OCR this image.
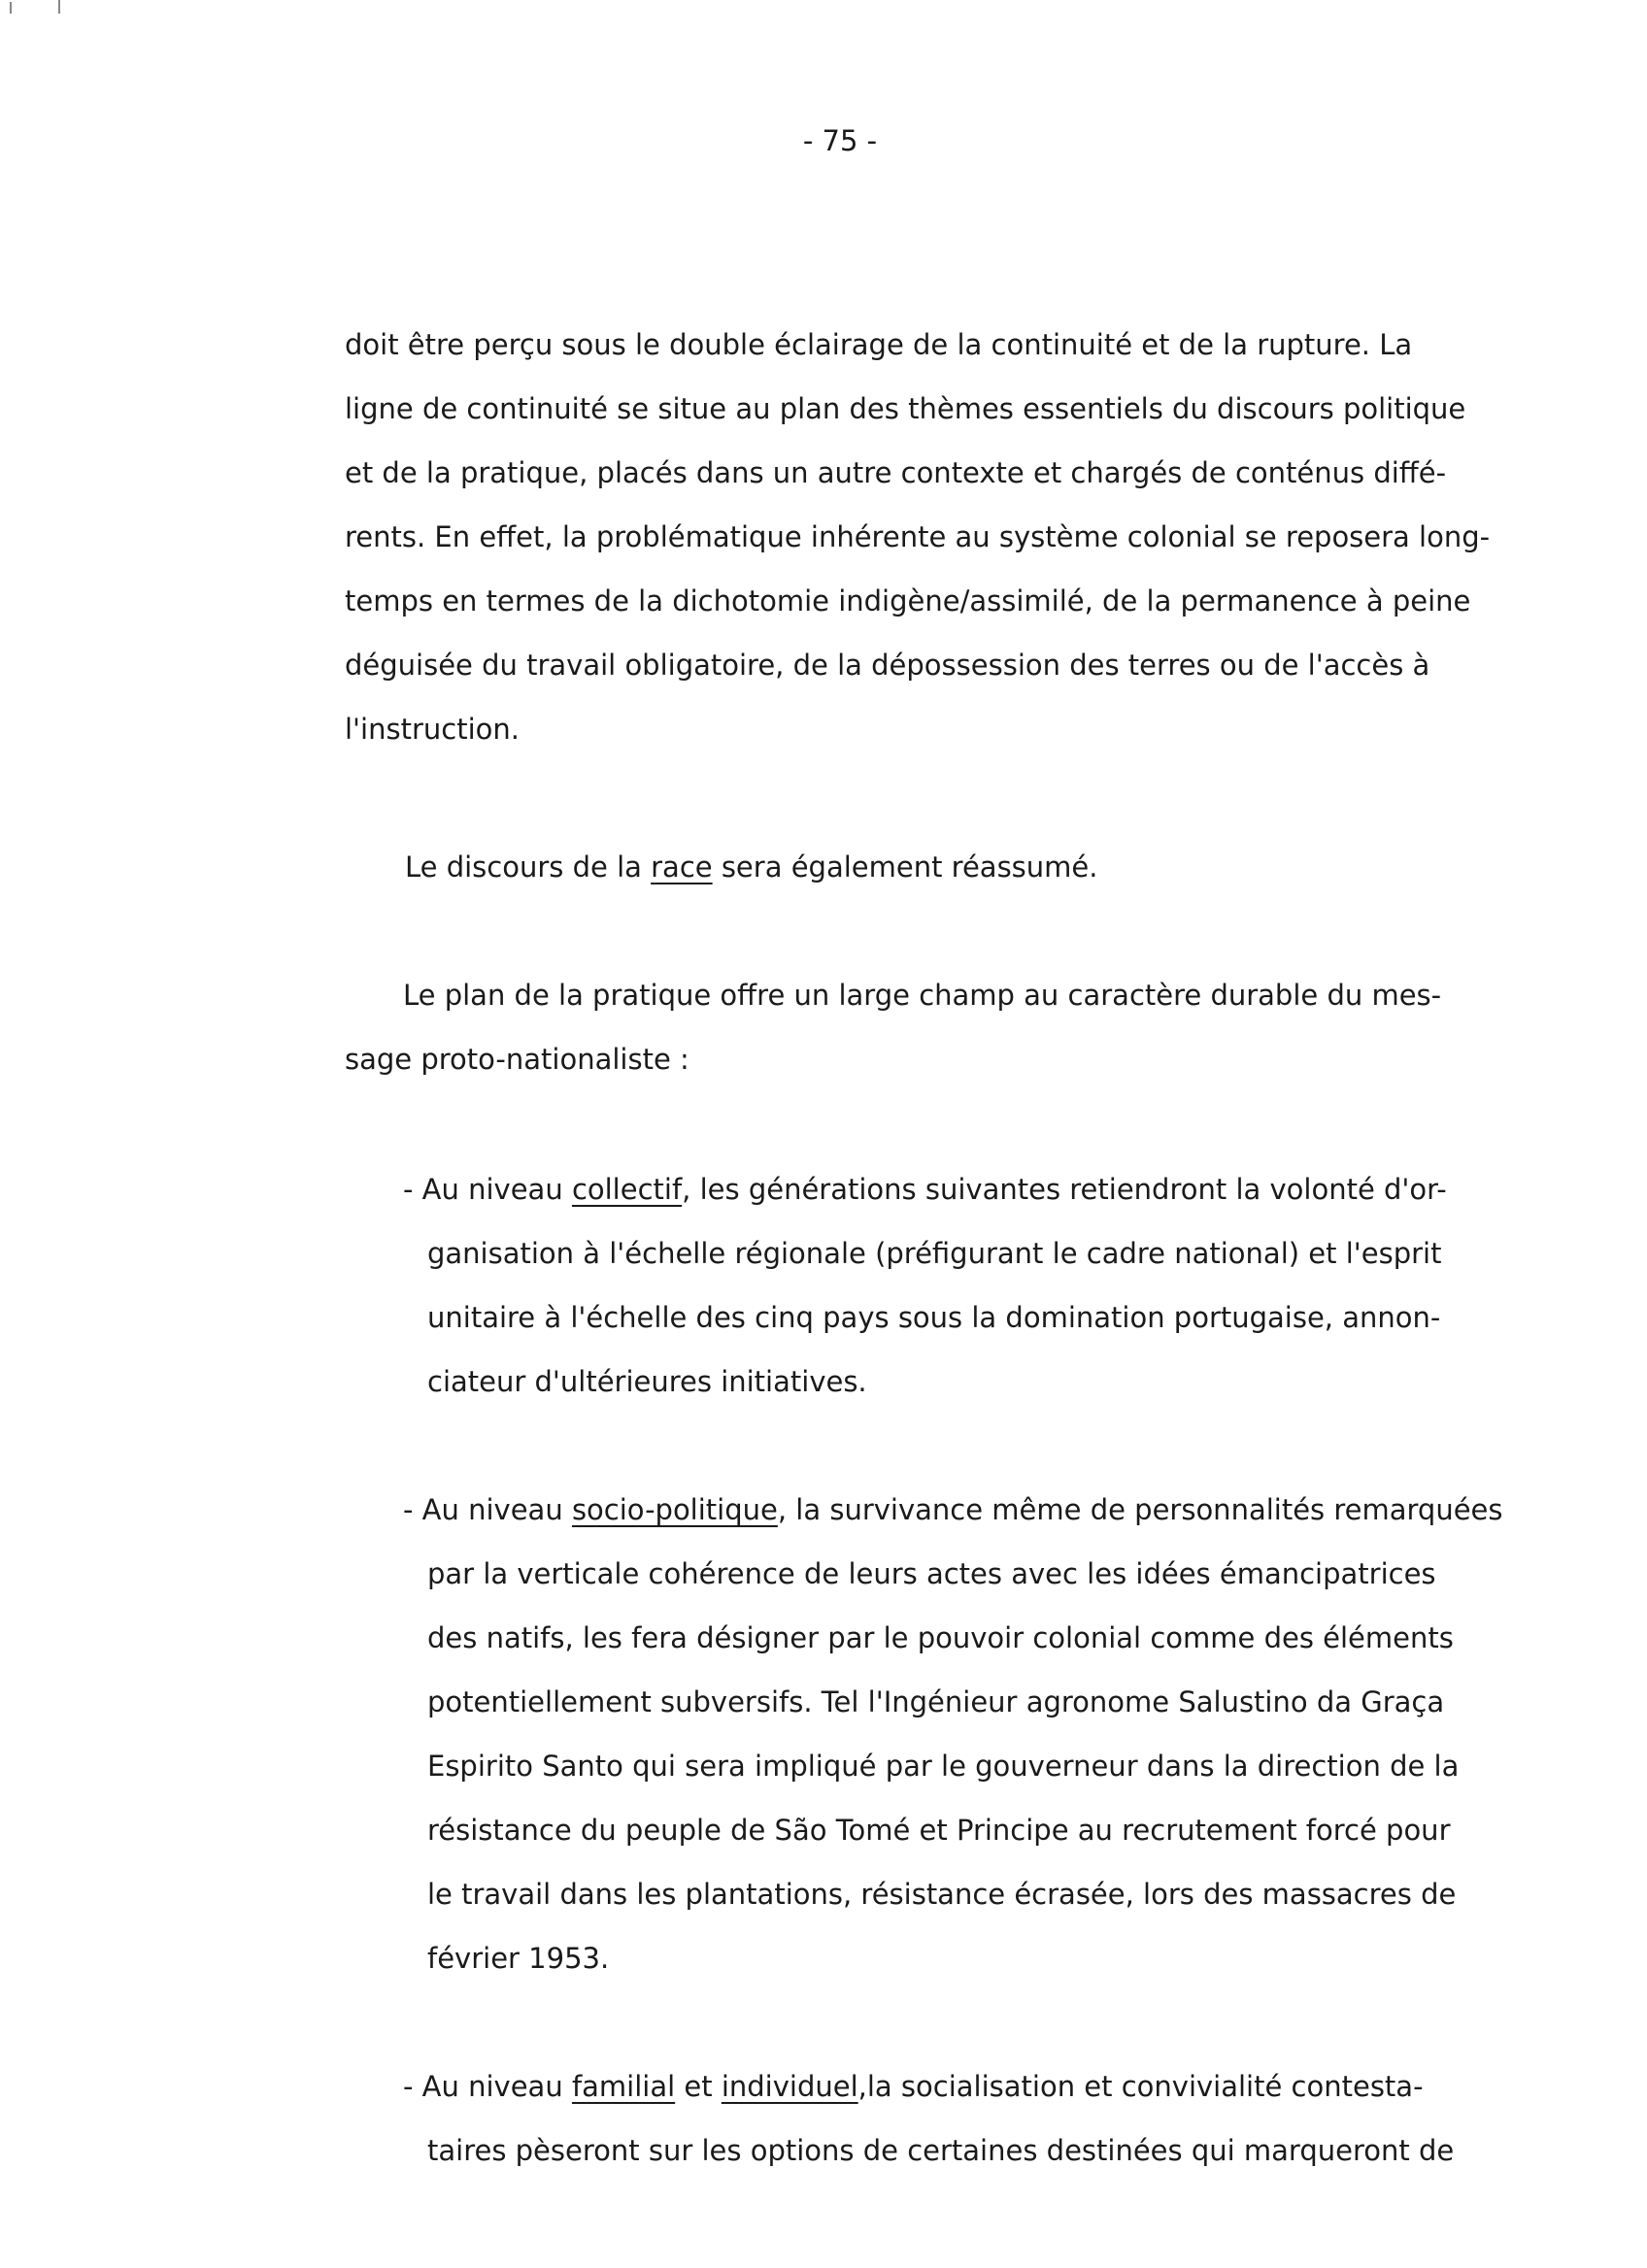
- 75 -
doit être perçu sous le double éclairage de la continuité et de la rupture. La
ligne de continuité se situe au plan des thèmes essentiels du discours politique
et de la pratique, placés dans un autre contexte et chargés de conténus diffé-
rents. En effet, la problématique inhérente au système colonial se reposera long-
temps en termes de la dichotomie indigène/assimilé, de la permanence à peine
déguisée du travail obligatoire, de la dépossession des terres ou de l'accès à
l'instruction.
Le discours de la race sera également réassumé.
Le plan de la pratique offre un large champ au caractère durable du mes-
sage proto-nationaliste :
- Au niveau collectif, les générations suivantes retiendront la volonté d'or-
ganisation à l'échelle régionale (préfigurant le cadre national) et l'esprit
unitaire à l'échelle des cinq pays sous la domination portugaise, annon-
ciateur d'ultérieures initiatives.
- Au niveau socio-politique, la survivance même de personnalités remarquées
par la verticale cohérence de leurs actes avec les idées émancipatrices
des natifs, les fera désigner par le pouvoir colonial comme des éléments
potentiellement subversifs. Tel l'Ingénieur agronome Salustino da Graça
Espirito Santo qui sera impliqué par le gouverneur dans la direction de la
résistance du peuple de São Tomé et Principe au recrutement forcé pour
le travail dans les plantations, résistance écrasée, lors des massacres de
février 1953.
- Au niveau familial et individuel,la socialisation et convivialité contesta-
taires pèseront sur les options de certaines destinées qui marqueront de
